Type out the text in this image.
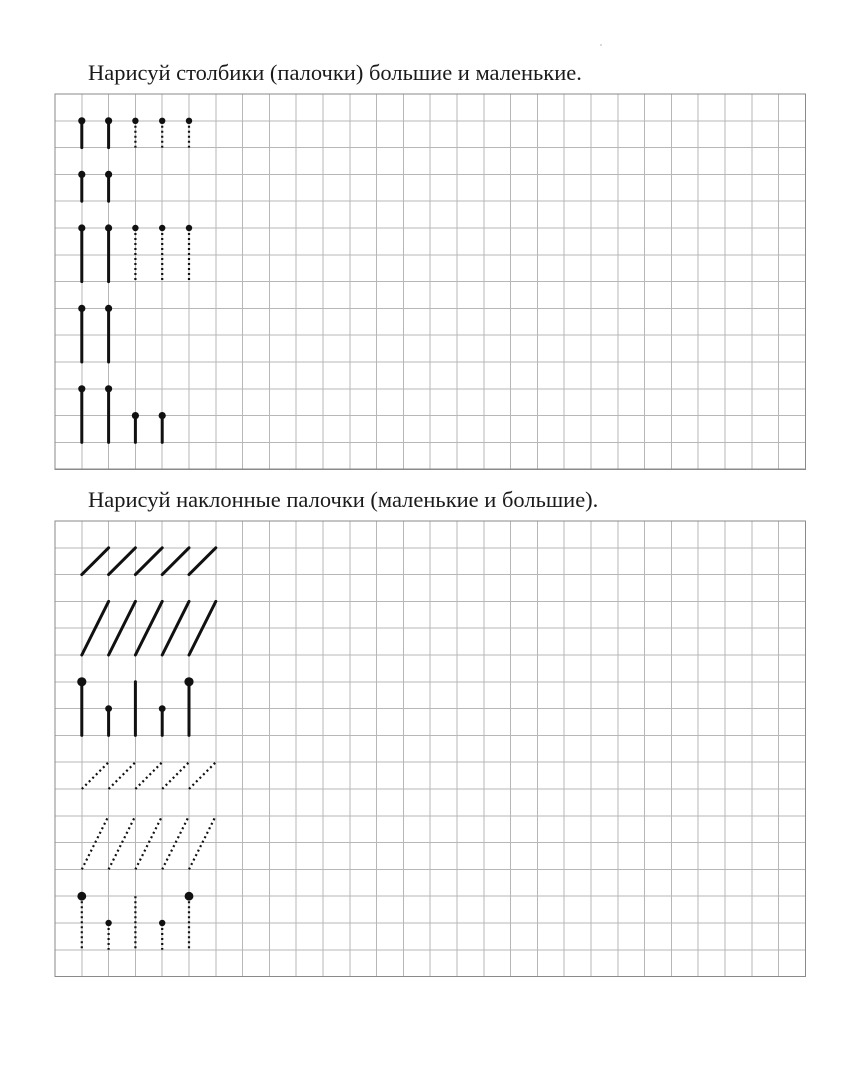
Нарисуй столбики (палочки) большие и маленькие.
Нарисуй наклонные палочки (маленькие и большие).
